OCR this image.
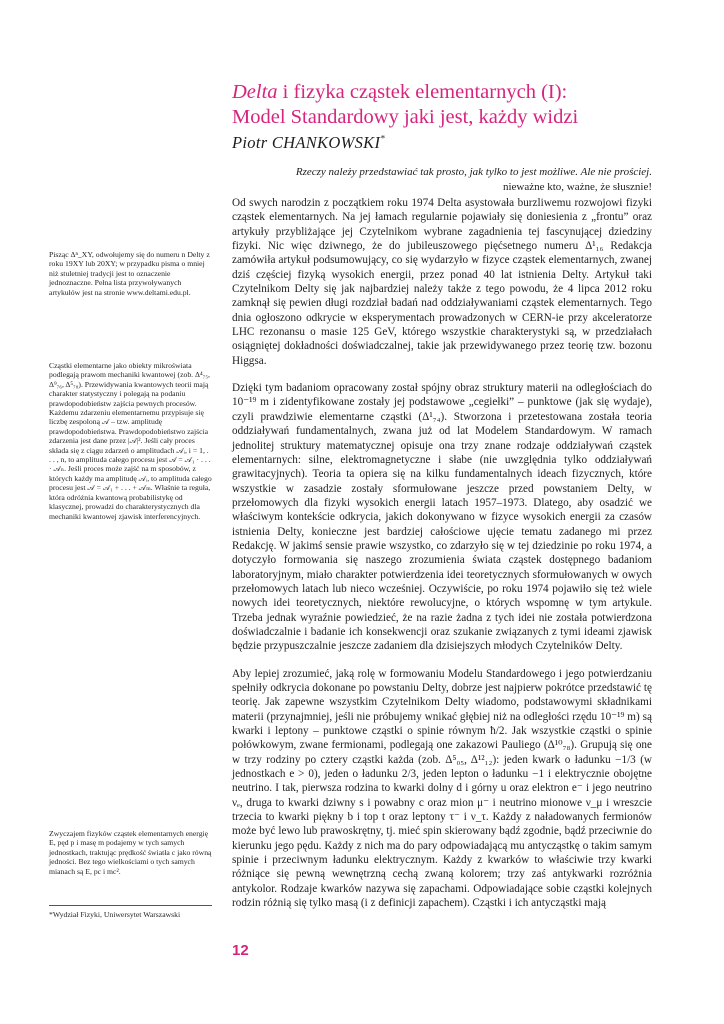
Delta i fizyka cząstek elementarnych (I):
Model Standardowy jaki jest, każdy widzi
Piotr CHANKOWSKI*
Rzeczy należy przedstawiać tak prosto, jak tylko to jest możliwe. Ale nie prościej.
nieważne kto, ważne, że słusznie!

Od swych narodzin z początkiem roku 1974 Delta asystowała burzliwemu rozwojowi fizyki cząstek elementarnych. Na jej łamach regularnie pojawiały się doniesienia z „frontu” oraz artykuły przybliżające jej Czytelnikom wybrane zagadnienia tej fascynującej dziedziny fizyki. Nic więc dziwnego, że do jubileuszowego pięćsetnego numeru Δ¹₁₆ Redakcja zamówiła artykuł podsumowujący, co się wydarzyło w fizyce cząstek elementarnych, zwanej dziś częściej fizyką wysokich energii, przez ponad 40 lat istnienia Delty. Artykuł taki Czytelnikom Delty się jak najbardziej należy także z tego powodu, że 4 lipca 2012 roku zamknął się pewien długi rozdział badań nad oddziaływaniami cząstek elementarnych. Tego dnia ogłoszono odkrycie w eksperymentach prowadzonych w CERN-ie przy akceleratorze LHC rezonansu o masie 125 GeV, którego wszystkie charakterystyki są, w przedziałach osiągniętej dokładności doświadczalnej, takie jak przewidywanego przez teorię tzw. bozonu Higgsa.

Dzięki tym badaniom opracowany został spójny obraz struktury materii na odległościach do 10⁻¹⁹ m i zidentyfikowane zostały jej podstawowe „cegiełki” – punktowe (jak się wydaje), czyli prawdziwie elementarne cząstki (Δ¹₇₄). Stworzona i przetestowana została teoria oddziaływań fundamentalnych, zwana już od lat Modelem Standardowym. W ramach jednolitej struktury matematycznej opisuje ona trzy znane rodzaje oddziaływań cząstek elementarnych: silne, elektromagnetyczne i słabe (nie uwzględnia tylko oddziaływań grawitacyjnych). Teoria ta opiera się na kilku fundamentalnych ideach fizycznych, które wszystkie w zasadzie zostały sformułowane jeszcze przed powstaniem Delty, w przełomowych dla fizyki wysokich energii latach 1957–1973. Dlatego, aby osadzić we właściwym kontekście odkrycia, jakich dokonywano w fizyce wysokich energii za czasów istnienia Delty, konieczne jest bardziej całościowe ujęcie tematu zadanego mi przez Redakcję. W jakimś sensie prawie wszystko, co zdarzyło się w tej dziedzinie po roku 1974, a dotyczyło formowania się naszego zrozumienia świata cząstek dostępnego badaniom laboratoryjnym, miało charakter potwierdzenia idei teoretycznych sformułowanych w owych przełomowych latach lub nieco wcześniej. Oczywiście, po roku 1974 pojawiło się też wiele nowych idei teoretycznych, niektóre rewolucyjne, o których wspomnę w tym artykule. Trzeba jednak wyraźnie powiedzieć, że na razie żadna z tych idei nie została potwierdzona doświadczalnie i badanie ich konsekwencji oraz szukanie związanych z tymi ideami zjawisk będzie przypuszczalnie jeszcze zadaniem dla dzisiejszych młodych Czytelników Delty.

Aby lepiej zrozumieć, jaką rolę w formowaniu Modelu Standardowego i jego potwierdzaniu spełniły odkrycia dokonane po powstaniu Delty, dobrze jest najpierw pokrótce przedstawić tę teorię. Jak zapewne wszystkim Czytelnikom Delty wiadomo, podstawowymi składnikami materii (przynajmniej, jeśli nie próbujemy wnikać głębiej niż na odległości rzędu 10⁻¹⁹ m) są kwarki i leptony – punktowe cząstki o spinie równym ħ/2. Jak wszystkie cząstki o spinie połówkowym, zwane fermionami, podlegają one zakazowi Pauliego (Δ¹⁰₇₈). Grupują się one w trzy rodziny po cztery cząstki każda (zob. Δ⁵₀₅, Δ¹²₁₂): jeden kwark o ładunku −1/3 (w jednostkach e > 0), jeden o ładunku 2/3, jeden lepton o ładunku −1 i elektrycznie obojętne neutrino. I tak, pierwsza rodzina to kwarki dolny d i górny u oraz elektron e⁻ i jego neutrino νₑ, druga to kwarki dziwny s i powabny c oraz mion μ⁻ i neutrino mionowe ν_μ i wreszcie trzecia to kwarki piękny b i top t oraz leptony τ⁻ i ν_τ. Każdy z naładowanych fermionów może być lewo lub prawoskrętny, tj. mieć spin skierowany bądź zgodnie, bądź przeciwnie do kierunku jego pędu. Każdy z nich ma do pary odpowiadającą mu antycząstkę o takim samym spinie i przeciwnym ładunku elektrycznym. Każdy z kwarków to właściwie trzy kwarki różniące się pewną wewnętrzną cechą zwaną kolorem; trzy zaś antykwarki rozróżnia antykolor. Rodzaje kwarków nazywa się zapachami. Odpowiadające sobie cząstki kolejnych rodzin różnią się tylko masą (i z definicji zapachem). Cząstki i ich antycząstki mają

Pisząc Δⁿ_XY, odwołujemy się do numeru n Delty z roku 19XY lub 20XY; w przypadku pisma o mniej niż stuletniej tradycji jest to oznaczenie jednoznaczne. Pełna lista przywoływanych artykułów jest na stronie www.deltami.edu.pl.

Cząstki elementarne jako obiekty mikroświata podlegają prawom mechaniki kwantowej (zob. Δ⁴₇₅, Δ⁹₇₆, Δ⁵₇₈). Przewidywania kwantowych teorii mają charakter statystyczny i polegają na podaniu prawdopodobieństw zajścia pewnych procesów. Każdemu zdarzeniu elementarnemu przypisuje się liczbę zespoloną 𝒜 – tzw. amplitudę prawdopodobieństwa. Prawdopodobieństwo zajścia zdarzenia jest dane przez |𝒜|². Jeśli cały proces składa się z ciągu zdarzeń o amplitudach 𝒜ᵢ, i = 1, . . . , n, to amplituda całego procesu jest 𝒜 = 𝒜₁ · . . . · 𝒜ₙ. Jeśli proces może zajść na m sposobów, z których każdy ma amplitudę 𝒜ᵢ, to amplituda całego procesu jest 𝒜 = 𝒜₁ + . . . + 𝒜ₘ. Właśnie ta reguła, która odróżnia kwantową probabilistykę od klasycznej, prowadzi do charakterystycznych dla mechaniki kwantowej zjawisk interferencyjnych.

Zwyczajem fizyków cząstek elementarnych energię E, pęd p i masę m podajemy w tych samych jednostkach, traktując prędkość światła c jako równą jedności. Bez tego wielkościami o tych samych mianach są E, pc i mc².

*Wydział Fizyki, Uniwersytet Warszawski

12
